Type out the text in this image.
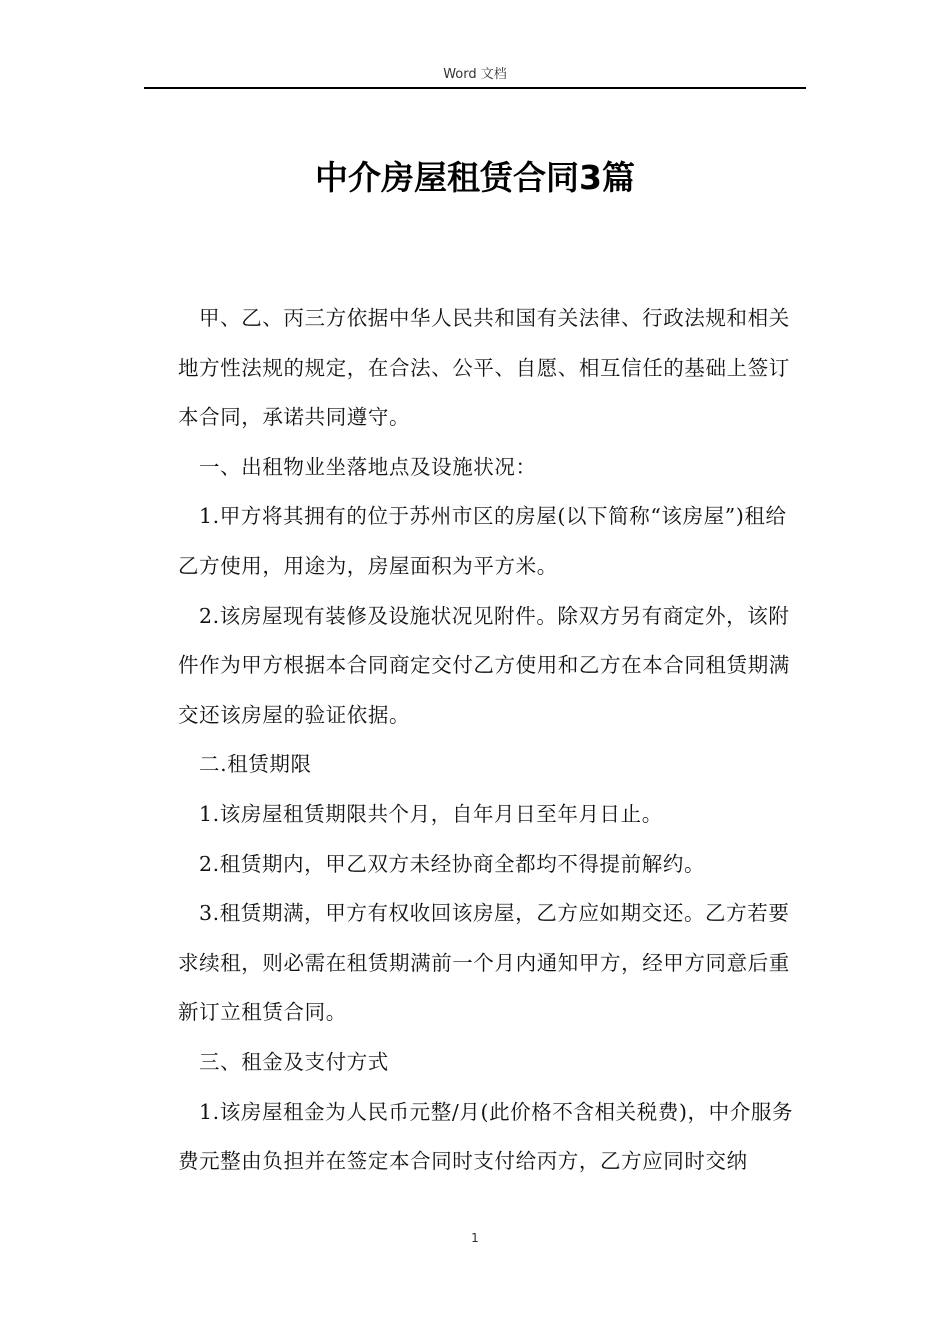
Word 文档
中介房屋租赁合同3篇

甲、乙、丙三方依据中华人民共和国有关法律、行政法规和相关地方性法规的规定，在合法、公平、自愿、相互信任的基础上签订本合同，承诺共同遵守。

一、出租物业坐落地点及设施状况：

1.甲方将其拥有的位于苏州市区的房屋(以下简称“该房屋”)租给乙方使用，用途为，房屋面积为平方米。

2.该房屋现有装修及设施状况见附件。除双方另有商定外，该附件作为甲方根据本合同商定交付乙方使用和乙方在本合同租赁期满交还该房屋的验证依据。

二.租赁期限

1.该房屋租赁期限共个月，自年月日至年月日止。

2.租赁期内，甲乙双方未经协商全都均不得提前解约。

3.租赁期满，甲方有权收回该房屋，乙方应如期交还。乙方若要求续租，则必需在租赁期满前一个月内通知甲方，经甲方同意后重新订立租赁合同。

三、租金及支付方式

1.该房屋租金为人民币元整/月(此价格不含相关税费)，中介服务费元整由负担并在签定本合同时支付给丙方，乙方应同时交纳

1
